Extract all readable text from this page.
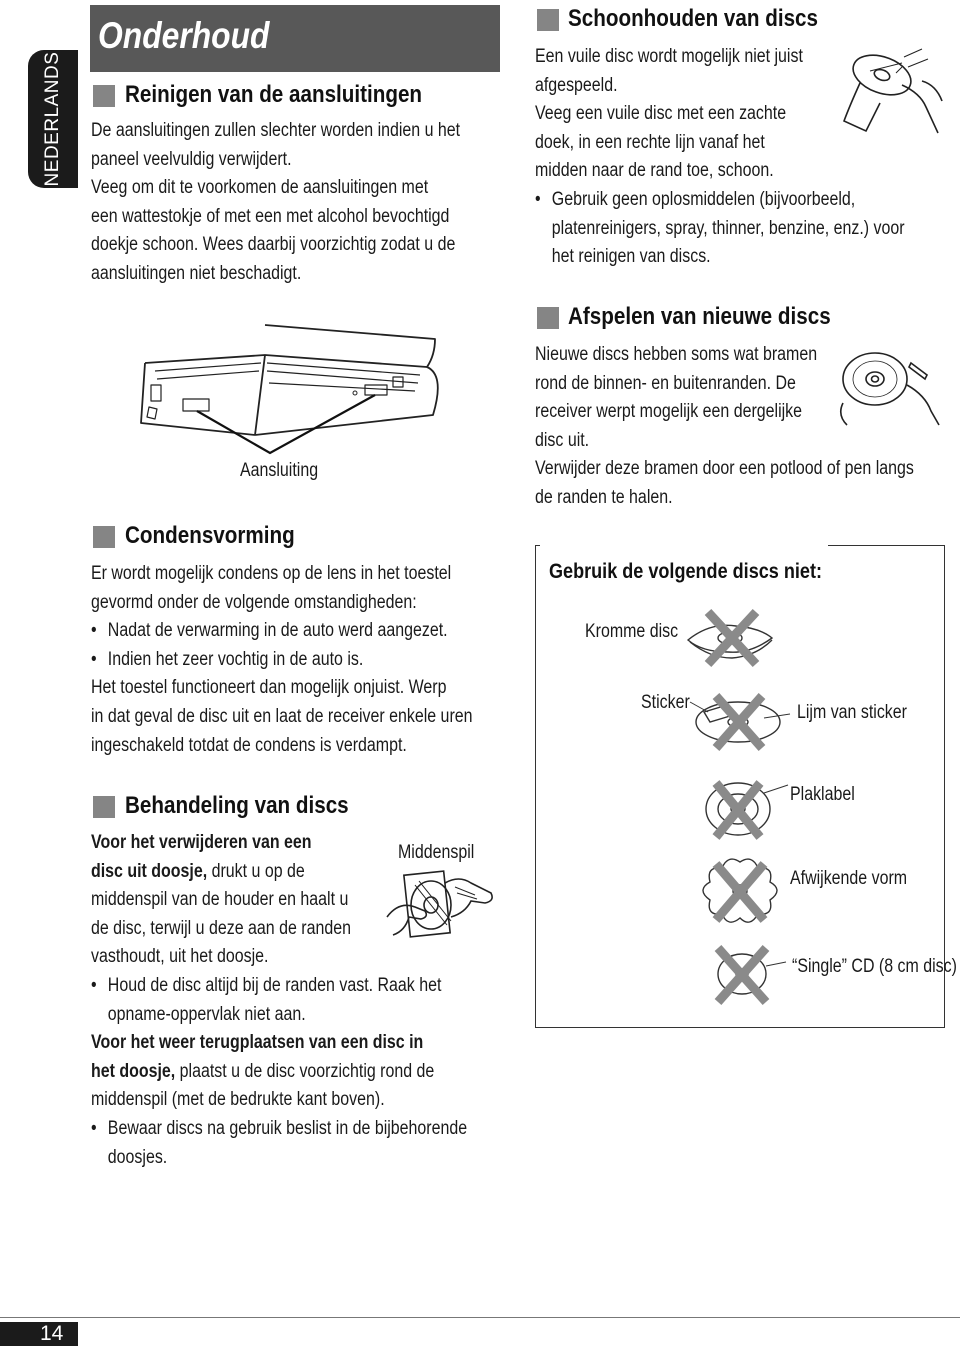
NEDERLANDS
Onderhoud
Reinigen van de aansluitingen
De aansluitingen zullen slechter worden indien u het
paneel veelvuldig verwijdert.
Veeg om dit te voorkomen de aansluitingen met
een wattestokje of met een met alcohol bevochtigd
doekje schoon. Wees daarbij voorzichtig zodat u de
aansluitingen niet beschadigt.
Aansluiting
Condensvorming
Er wordt mogelijk condens op de lens in het toestel
gevormd onder de volgende omstandigheden:
• Nadat de verwarming in de auto werd aangezet.
• Indien het zeer vochtig in de auto is.
Het toestel functioneert dan mogelijk onjuist. Werp
in dat geval de disc uit en laat de receiver enkele uren
ingeschakeld totdat de condens is verdampt.
Behandeling van discs
Middenspil
Voor het verwijderen van een
disc uit doosje, drukt u op de
middenspil van de houder en haalt u
de disc, terwijl u deze aan de randen
vasthoudt, uit het doosje.
• Houd de disc altijd bij de randen vast. Raak het
opname-oppervlak niet aan.
Voor het weer terugplaatsen van een disc in
het doosje, plaatst u de disc voorzichtig rond de
middenspil (met de bedrukte kant boven).
• Bewaar discs na gebruik beslist in de bijbehorende
doosjes.
Schoonhouden van discs
Een vuile disc wordt mogelijk niet juist
afgespeeld.
Veeg een vuile disc met een zachte
doek, in een rechte lijn vanaf het
midden naar de rand toe, schoon.
• Gebruik geen oplosmiddelen (bijvoorbeeld,
platenreinigers, spray, thinner, benzine, enz.) voor
het reinigen van discs.
Afspelen van nieuwe discs
Nieuwe discs hebben soms wat bramen
rond de binnen- en buitenranden. De
receiver werpt mogelijk een dergelijke
disc uit.
Verwijder deze bramen door een potlood of pen langs
de randen te halen.
Gebruik de volgende discs niet:
Kromme disc
Sticker	Lijm van sticker
Plaklabel
Afwijkende vorm
“Single” CD (8 cm disc)
14
